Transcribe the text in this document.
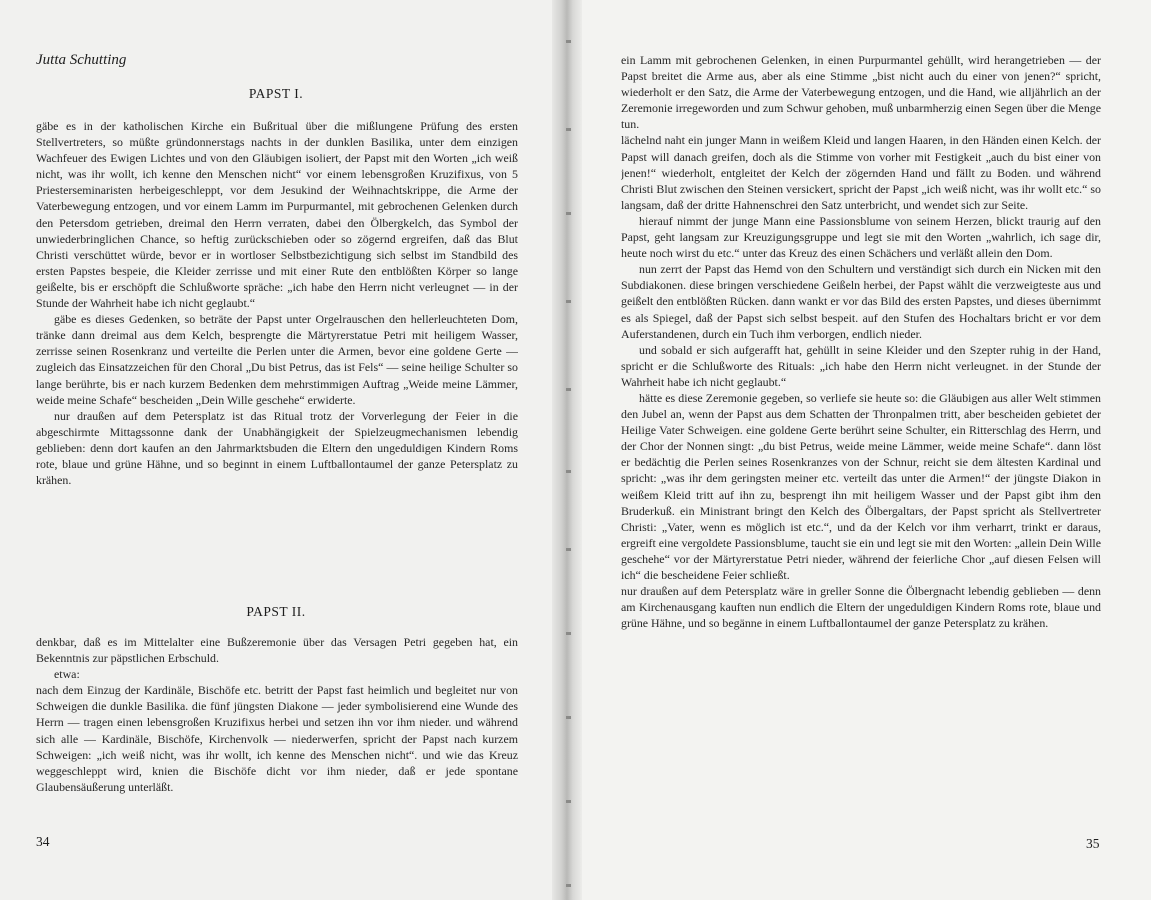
Jutta Schutting
PAPST I.

gäbe es in der katholischen Kirche ein Bußritual über die mißlungene Prüfung des ersten Stellvertreters, so müßte gründonnerstags nachts in der dunklen Basilika, unter dem einzigen Wachfeuer des Ewigen Lichtes und von den Gläubigen isoliert, der Papst mit den Worten „ich weiß nicht, was ihr wollt, ich kenne den Menschen nicht“ vor einem lebensgroßen Kruzifixus, von 5 Priesterseminaristen herbeigeschleppt, vor dem Jesukind der Weihnachtskrippe, die Arme der Vaterbewegung entzogen, und vor einem Lamm im Purpurmantel, mit gebrochenen Gelenken durch den Petersdom getrieben, dreimal den Herrn verraten, dabei den Ölbergkelch, das Symbol der unwiederbringlichen Chance, so heftig zurückschieben oder so zögernd ergreifen, daß das Blut Christi verschüttet würde, bevor er in wortloser Selbstbezichtigung sich selbst im Standbild des ersten Papstes bespeie, die Kleider zerrisse und mit einer Rute den entblößten Körper so lange geißelte, bis er erschöpft die Schlußworte spräche: „ich habe den Herrn nicht verleugnet — in der Stunde der Wahrheit habe ich nicht geglaubt.“

gäbe es dieses Gedenken, so beträte der Papst unter Orgelrauschen den hellerleuchteten Dom, tränke dann dreimal aus dem Kelch, besprengte die Märtyrerstatue Petri mit heiligem Wasser, zerrisse seinen Rosenkranz und verteilte die Perlen unter die Armen, bevor eine goldene Gerte — zugleich das Einsatzzeichen für den Choral „Du bist Petrus, das ist Fels“ — seine heilige Schulter so lange berührte, bis er nach kurzem Bedenken dem mehrstimmigen Auftrag „Weide meine Lämmer, weide meine Schafe“ bescheiden „Dein Wille geschehe“ erwiderte.

nur draußen auf dem Petersplatz ist das Ritual trotz der Vorverlegung der Feier in die abgeschirmte Mittagssonne dank der Unabhängigkeit der Spielzeugmechanismen lebendig geblieben: denn dort kaufen an den Jahrmarktsbuden die Eltern den ungeduldigen Kindern Roms rote, blaue und grüne Hähne, und so beginnt in einem Luftballontaumel der ganze Petersplatz zu krähen.

PAPST II.

denkbar, daß es im Mittelalter eine Bußzeremonie über das Versagen Petri gegeben hat, ein Bekenntnis zur päpstlichen Erbschuld.

etwa:

nach dem Einzug der Kardinäle, Bischöfe etc. betritt der Papst fast heimlich und begleitet nur von Schweigen die dunkle Basilika. die fünf jüngsten Diakone — jeder symbolisierend eine Wunde des Herrn — tragen einen lebensgroßen Kruzifixus herbei und setzen ihn vor ihm nieder. und während sich alle — Kardinäle, Bischöfe, Kirchenvolk — niederwerfen, spricht der Papst nach kurzem Schweigen: „ich weiß nicht, was ihr wollt, ich kenne des Menschen nicht“. und wie das Kreuz weggeschleppt wird, knien die Bischöfe dicht vor ihm nieder, daß er jede spontane Glaubensäußerung unterläßt.

34

ein Lamm mit gebrochenen Gelenken, in einen Purpurmantel gehüllt, wird herangetrieben — der Papst breitet die Arme aus, aber als eine Stimme „bist nicht auch du einer von jenen?“ spricht, wiederholt er den Satz, die Arme der Vaterbewegung entzogen, und die Hand, wie alljährlich an der Zeremonie irregeworden und zum Schwur gehoben, muß unbarmherzig einen Segen über die Menge tun.

lächelnd naht ein junger Mann in weißem Kleid und langen Haaren, in den Händen einen Kelch. der Papst will danach greifen, doch als die Stimme von vorher mit Festigkeit „auch du bist einer von jenen!“ wiederholt, entgleitet der Kelch der zögernden Hand und fällt zu Boden. und während Christi Blut zwischen den Steinen versickert, spricht der Papst „ich weiß nicht, was ihr wollt etc.“ so langsam, daß der dritte Hahnenschrei den Satz unterbricht, und wendet sich zur Seite.

hierauf nimmt der junge Mann eine Passionsblume von seinem Herzen, blickt traurig auf den Papst, geht langsam zur Kreuzigungsgruppe und legt sie mit den Worten „wahrlich, ich sage dir, heute noch wirst du etc.“ unter das Kreuz des einen Schächers und verläßt allein den Dom.

nun zerrt der Papst das Hemd von den Schultern und verständigt sich durch ein Nicken mit den Subdiakonen. diese bringen verschiedene Geißeln herbei, der Papst wählt die verzweigteste aus und geißelt den entblößten Rücken. dann wankt er vor das Bild des ersten Papstes, und dieses übernimmt es als Spiegel, daß der Papst sich selbst bespeit. auf den Stufen des Hochaltars bricht er vor dem Auferstandenen, durch ein Tuch ihm verborgen, endlich nieder.

und sobald er sich aufgerafft hat, gehüllt in seine Kleider und den Szepter ruhig in der Hand, spricht er die Schlußworte des Rituals: „ich habe den Herrn nicht verleugnet. in der Stunde der Wahrheit habe ich nicht geglaubt.“

hätte es diese Zeremonie gegeben, so verliefe sie heute so: die Gläubigen aus aller Welt stimmen den Jubel an, wenn der Papst aus dem Schatten der Thronpalmen tritt, aber bescheiden gebietet der Heilige Vater Schweigen. eine goldene Gerte berührt seine Schulter, ein Ritterschlag des Herrn, und der Chor der Nonnen singt: „du bist Petrus, weide meine Lämmer, weide meine Schafe“. dann löst er bedächtig die Perlen seines Rosenkranzes von der Schnur, reicht sie dem ältesten Kardinal und spricht: „was ihr dem geringsten meiner etc. verteilt das unter die Armen!“ der jüngste Diakon in weißem Kleid tritt auf ihn zu, besprengt ihn mit heiligem Wasser und der Papst gibt ihm den Bruderkuß. ein Ministrant bringt den Kelch des Ölbergaltars, der Papst spricht als Stellvertreter Christi: „Vater, wenn es möglich ist etc.“, und da der Kelch vor ihm verharrt, trinkt er daraus, ergreift eine vergoldete Passionsblume, taucht sie ein und legt sie mit den Worten: „allein Dein Wille geschehe“ vor der Märtyrerstatue Petri nieder, während der feierliche Chor „auf diesen Felsen will ich“ die bescheidene Feier schließt.

nur draußen auf dem Petersplatz wäre in greller Sonne die Ölbergnacht lebendig geblieben — denn am Kirchenausgang kauften nun endlich die Eltern der ungeduldigen Kindern Roms rote, blaue und grüne Hähne, und so begänne in einem Luftballontaumel der ganze Petersplatz zu krähen.

35
